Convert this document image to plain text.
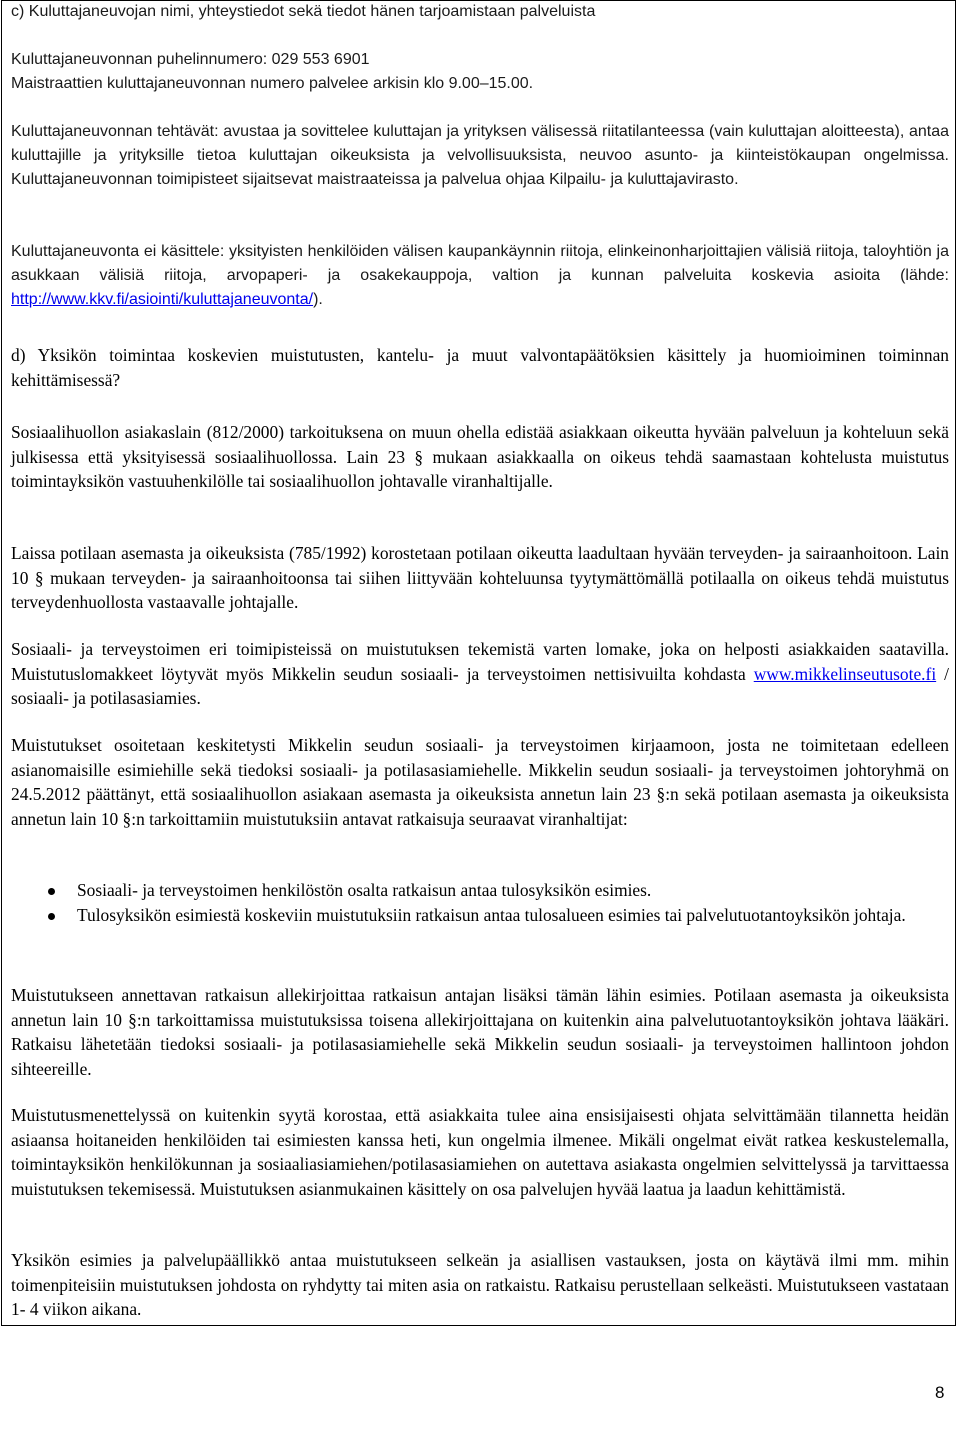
c) Kuluttajaneuvojan nimi, yhteystiedot sekä tiedot hänen tarjoamistaan palveluista

Kuluttajaneuvonnan puhelinnumero: 029 553 6901

Maistraattien kuluttajaneuvonnan numero palvelee arkisin klo 9.00–15.00.

Kuluttajaneuvonnan tehtävät: avustaa ja sovittelee kuluttajan ja yrityksen välisessä riitatilanteessa (vain kuluttajan aloitteesta), antaa kuluttajille ja yrityksille tietoa kuluttajan oikeuksista ja velvollisuuksista, neuvoo asunto- ja kiinteistökaupan ongelmissa. Kuluttajaneuvonnan toimipisteet sijaitsevat maistraateissa ja palvelua ohjaa Kilpailu- ja kuluttajavirasto.

Kuluttajaneuvonta ei käsittele: yksityisten henkilöiden välisen kaupankäynnin riitoja, elinkeinonharjoittajien välisiä riitoja, taloyhtiön ja asukkaan välisiä riitoja, arvopaperi- ja osakekauppoja, valtion ja kunnan palveluita koskevia asioita (lähde: http://www.kkv.fi/asiointi/kuluttajaneuvonta/).

d) Yksikön toimintaa koskevien muistutusten, kantelu- ja muut valvontapäätöksien käsittely ja huomioiminen toiminnan kehittämisessä?

Sosiaalihuollon asiakaslain (812/2000) tarkoituksena on muun ohella edistää asiakkaan oikeutta hyvään palveluun ja kohteluun sekä julkisessa että yksityisessä sosiaalihuollossa. Lain 23 § mukaan asiakkaalla on oikeus tehdä saamastaan kohtelusta muistutus toimintayksikön vastuuhenkilölle tai sosiaalihuollon johtavalle viranhaltijalle.

Laissa potilaan asemasta ja oikeuksista (785/1992) korostetaan potilaan oikeutta laadultaan hyvään terveyden- ja sairaanhoitoon. Lain 10 § mukaan terveyden- ja sairaanhoitoonsa tai siihen liittyvään kohteluunsa tyytymättömällä potilaalla on oikeus tehdä muistutus terveydenhuollosta vastaavalle johtajalle.

Sosiaali- ja terveystoimen eri toimipisteissä on muistutuksen tekemistä varten lomake, joka on helposti asiakkaiden saatavilla. Muistutuslomakkeet löytyvät myös Mikkelin seudun sosiaali- ja terveystoimen nettisivuilta kohdasta www.mikkelinseutusote.fi / sosiaali- ja potilasasiamies.

Muistutukset osoitetaan keskitetysti Mikkelin seudun sosiaali- ja terveystoimen kirjaamoon, josta ne toimitetaan edelleen asianomaisille esimiehille sekä tiedoksi sosiaali- ja potilasasiamiehelle. Mikkelin seudun sosiaali- ja terveystoimen johtoryhmä on 24.5.2012 päättänyt, että sosiaalihuollon asiakaan asemasta ja oikeuksista annetun lain 23 §:n sekä potilaan asemasta ja oikeuksista annetun lain 10 §:n tarkoittamiin muistutuksiin antavat ratkaisuja seuraavat viranhaltijat:

Sosiaali- ja terveystoimen henkilöstön osalta ratkaisun antaa tulosyksikön esimies.
Tulosyksikön esimiestä koskeviin muistutuksiin ratkaisun antaa tulosalueen esimies tai palvelutuotantoyksikön johtaja.

Muistutukseen annettavan ratkaisun allekirjoittaa ratkaisun antajan lisäksi tämän lähin esimies. Potilaan asemasta ja oikeuksista annetun lain 10 §:n tarkoittamissa muistutuksissa toisena allekirjoittajana on kuitenkin aina palvelutuotantoyksikön johtava lääkäri. Ratkaisu lähetetään tiedoksi sosiaali- ja potilasasiamiehelle sekä Mikkelin seudun sosiaali- ja terveystoimen hallintoon johdon sihteereille.

Muistutusmenettelyssä on kuitenkin syytä korostaa, että asiakkaita tulee aina ensisijaisesti ohjata selvittämään tilannetta heidän asiaansa hoitaneiden henkilöiden tai esimiesten kanssa heti, kun ongelmia ilmenee. Mikäli ongelmat eivät ratkea keskustelemalla, toimintayksikön henkilökunnan ja sosiaaliasiamiehen/potilasasiamiehen on autettava asiakasta ongelmien selvittelyssä ja tarvittaessa muistutuksen tekemisessä. Muistutuksen asianmukainen käsittely on osa palvelujen hyvää laatua ja laadun kehittämistä.

Yksikön esimies ja palvelupäällikkö antaa muistutukseen selkeän ja asiallisen vastauksen, josta on käytävä ilmi mm. mihin toimenpiteisiin muistutuksen johdosta on ryhdytty tai miten asia on ratkaistu. Ratkaisu perustellaan selkeästi. Muistutukseen vastataan 1- 4 viikon aikana.

8
